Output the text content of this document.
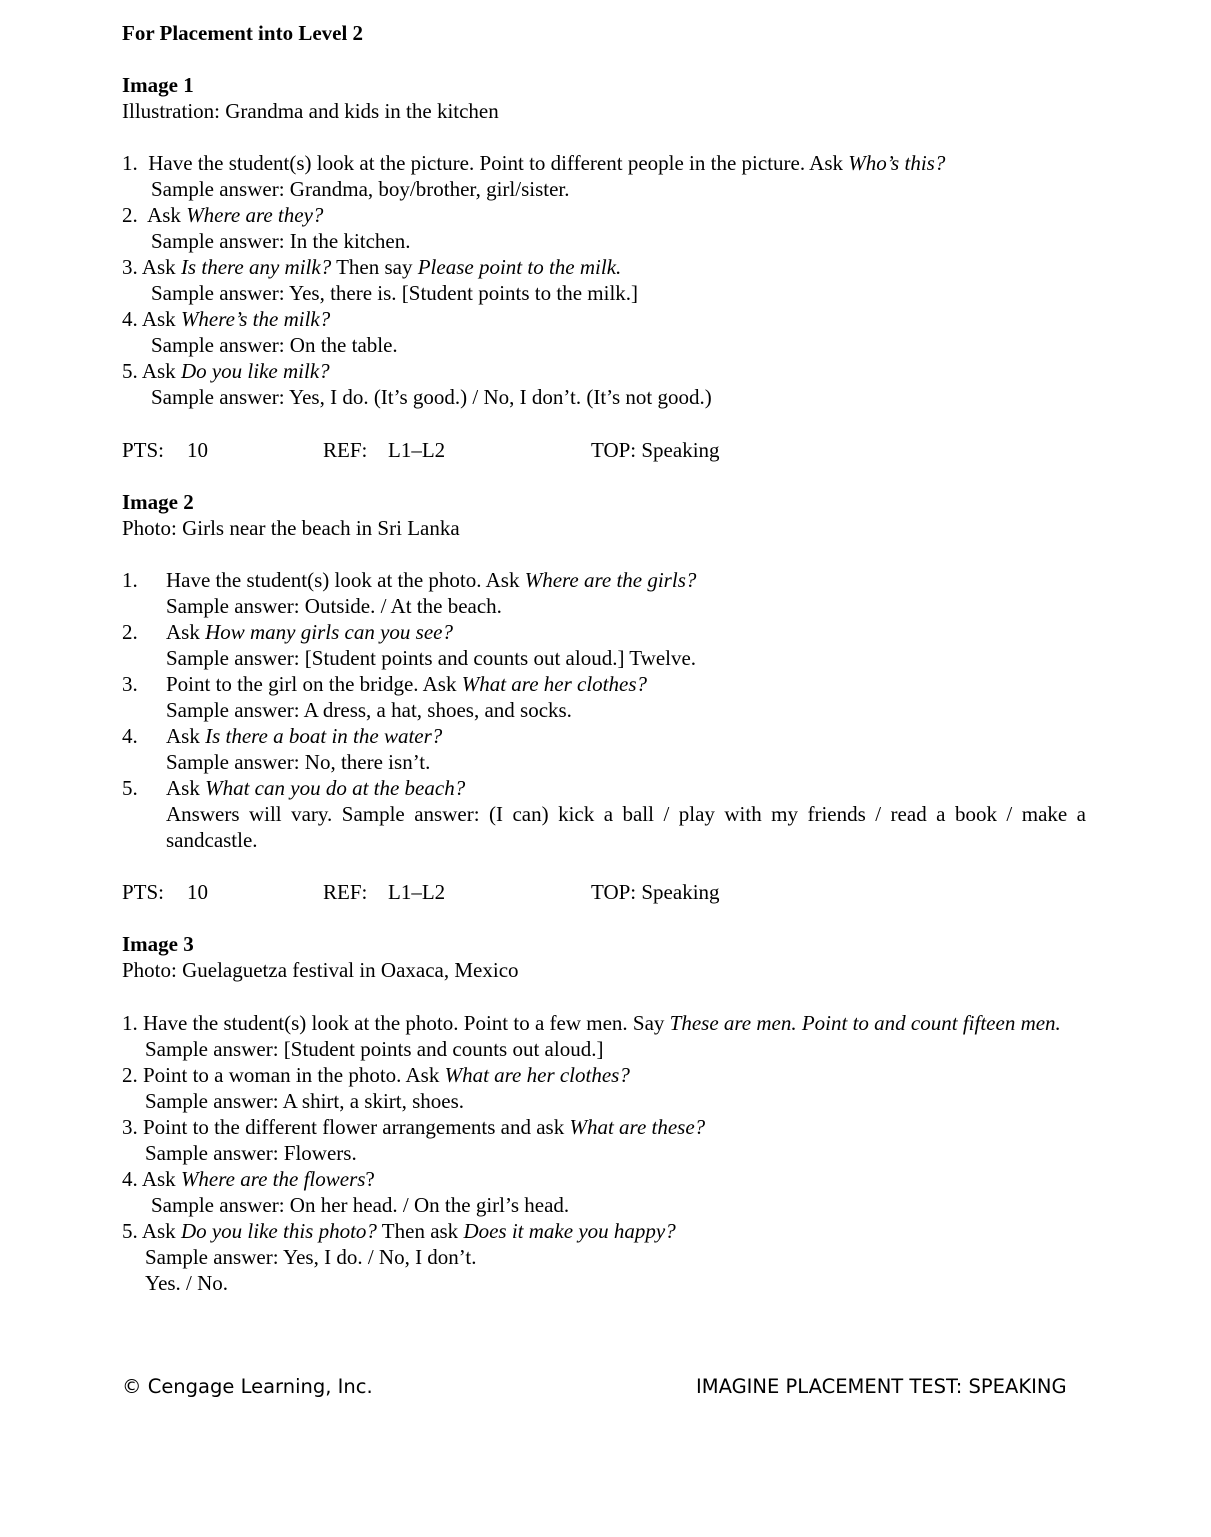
For Placement into Level 2
Image 1
Illustration: Grandma and kids in the kitchen
1. Have the student(s) look at the picture. Point to different people in the picture. Ask Who’s this?
Sample answer: Grandma, boy/brother, girl/sister.
2. Ask Where are they?
Sample answer: In the kitchen.
3. Ask Is there any milk? Then say Please point to the milk.
Sample answer: Yes, there is. [Student points to the milk.]
4. Ask Where’s the milk?
Sample answer: On the table.
5. Ask Do you like milk?
Sample answer: Yes, I do. (It’s good.) / No, I don’t. (It’s not good.)
PTS: 10	REF: L1–L2	TOP: Speaking
Image 2
Photo: Girls near the beach in Sri Lanka
1. Have the student(s) look at the photo. Ask Where are the girls?
Sample answer: Outside. / At the beach.
2. Ask How many girls can you see?
Sample answer: [Student points and counts out aloud.] Twelve.
3. Point to the girl on the bridge. Ask What are her clothes?
Sample answer: A dress, a hat, shoes, and socks.
4. Ask Is there a boat in the water?
Sample answer: No, there isn’t.
5. Ask What can you do at the beach?
Answers will vary. Sample answer: (I can) kick a ball / play with my friends / read a book / make a sandcastle.
PTS: 10	REF: L1–L2	TOP: Speaking
Image 3
Photo: Guelaguetza festival in Oaxaca, Mexico
1. Have the student(s) look at the photo. Point to a few men. Say These are men. Point to and count fifteen men.
Sample answer: [Student points and counts out aloud.]
2. Point to a woman in the photo. Ask What are her clothes?
Sample answer: A shirt, a skirt, shoes.
3. Point to the different flower arrangements and ask What are these?
Sample answer: Flowers.
4. Ask Where are the flowers?
Sample answer: On her head. / On the girl’s head.
5. Ask Do you like this photo? Then ask Does it make you happy?
Sample answer: Yes, I do. / No, I don’t.
Yes. / No.
© Cengage Learning, Inc.	IMAGINE PLACEMENT TEST: SPEAKING
